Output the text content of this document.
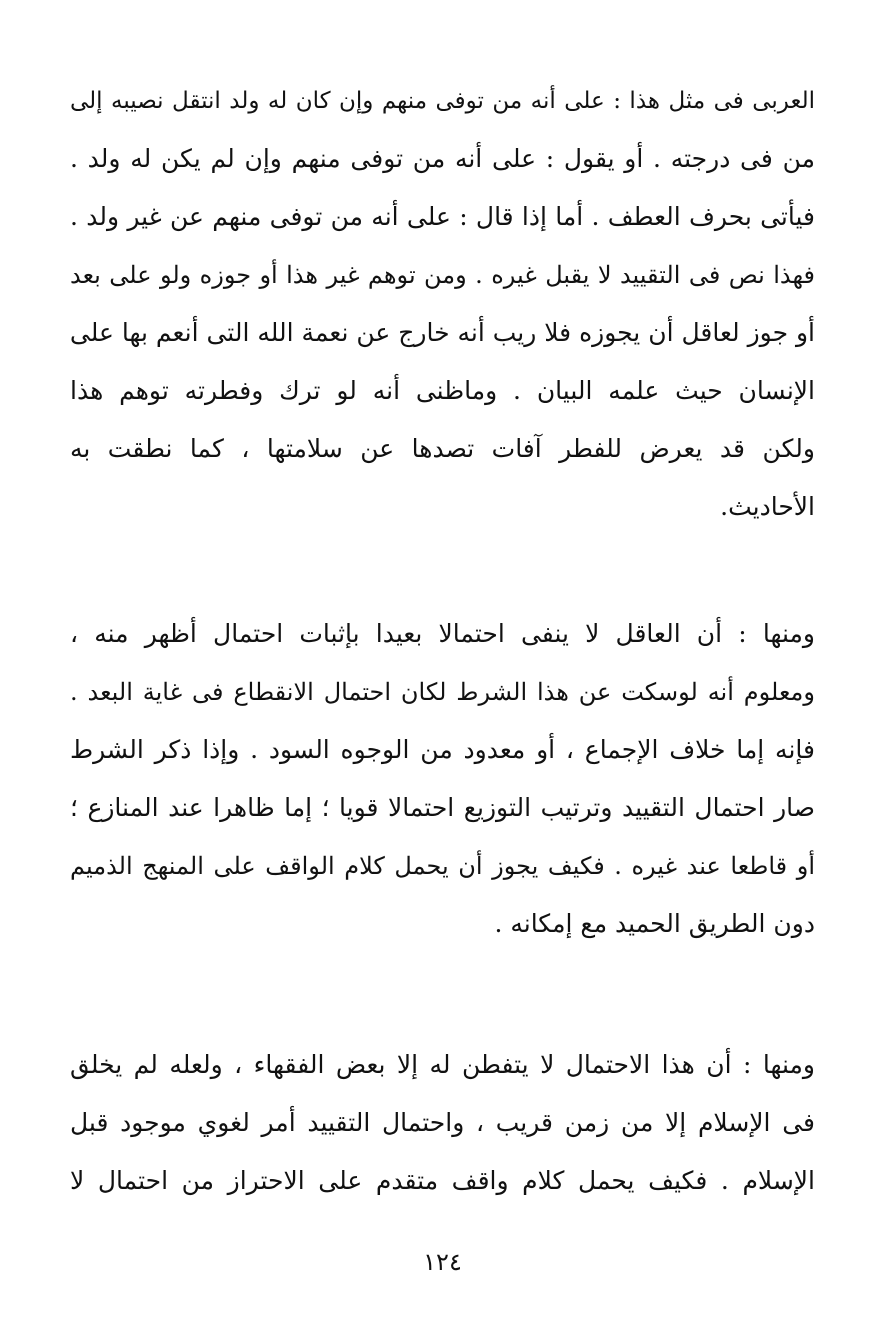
العربى فى مثل هذا : على أنه من توفى منهم وإن كان له ولد انتقل نصيبه إلى
من فى درجته . أو يقول : على أنه من توفى منهم وإن لم يكن له ولد .
فيأتى بحرف العطف . أما إذا قال : على أنه من توفى منهم عن غير ولد .
فهذا نص فى التقييد لا يقبل غيره . ومن توهم غير هذا أو جوزه ولو على بعد
أو جوز لعاقل أن يجوزه فلا ريب أنه خارج عن نعمة الله التى أنعم بها على
الإنسان حيث علمه البيان . وماظنى أنه لو ترك وفطرته توهم هذا
ولكن قد يعرض للفطر آفات تصدها عن سلامتها ، كما نطقت به
الأحاديث.
ومنها : أن العاقل لا ينفى احتمالا بعيدا بإثبات احتمال أظهر منه ،
ومعلوم أنه لوسكت عن هذا الشرط لكان احتمال الانقطاع فى غاية البعد .
فإنه إما خلاف الإجماع ، أو معدود من الوجوه السود . وإذا ذكر الشرط
صار احتمال التقييد وترتيب التوزيع احتمالا قويا ؛ إما ظاهرا عند المنازع ؛
أو قاطعا عند غيره . فكيف يجوز أن يحمل كلام الواقف على المنهج الذميم
دون الطريق الحميد مع إمكانه .
ومنها : أن هذا الاحتمال لا يتفطن له إلا بعض الفقهاء ، ولعله لم يخلق
فى الإسلام إلا من زمن قريب ، واحتمال التقييد أمر لغوي موجود قبل
الإسلام . فكيف يحمل كلام واقف متقدم على الاحتراز من احتمال لا
١٢٤
